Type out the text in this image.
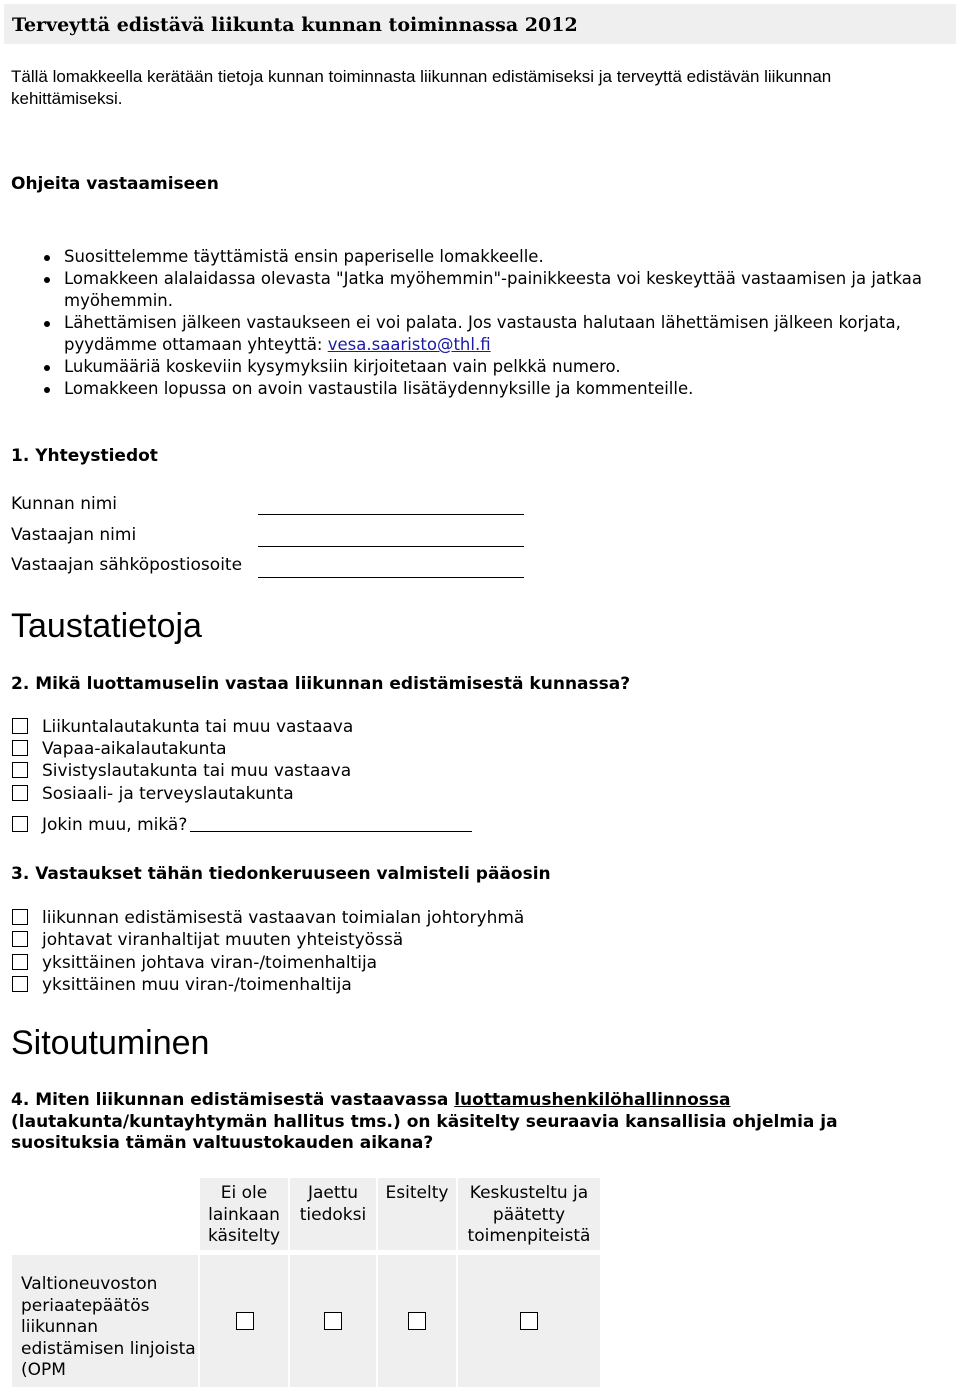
Terveyttä edistävä liikunta kunnan toiminnassa 2012
Tällä lomakkeella kerätään tietoja kunnan toiminnasta liikunnan edistämiseksi ja terveyttä edistävän liikunnan kehittämiseksi.
Ohjeita vastaamiseen
Suosittelemme täyttämistä ensin paperiselle lomakkeelle.
Lomakkeen alalaidassa olevasta "Jatka myöhemmin"-painikkeesta voi keskeyttää vastaamisen ja jatkaa myöhemmin.
Lähettämisen jälkeen vastaukseen ei voi palata. Jos vastausta halutaan lähettämisen jälkeen korjata, pyydämme ottamaan yhteyttä: vesa.saaristo@thl.fi
Lukumääriä koskeviin kysymyksiin kirjoitetaan vain pelkkä numero.
Lomakkeen lopussa on avoin vastaustila lisätäydennyksille ja kommenteille.
1. Yhteystiedot
Kunnan nimi
Vastaajan nimi
Vastaajan sähköpostiosoite
Taustatietoja
2. Mikä luottamuselin vastaa liikunnan edistämisestä kunnassa?
Liikuntalautakunta tai muu vastaava
Vapaa-aikalautakunta
Sivistyslautakunta tai muu vastaava
Sosiaali- ja terveyslautakunta
Jokin muu, mikä?
3. Vastaukset tähän tiedonkeruuseen valmisteli pääosin
liikunnan edistämisestä vastaavan toimialan johtoryhmä
johtavat viranhaltijat muuten yhteistyössä
yksittäinen johtava viran-/toimenhaltija
yksittäinen muu viran-/toimenhaltija
Sitoutuminen
4. Miten liikunnan edistämisestä vastaavassa luottamushenkilöhallinnossa (lautakunta/kuntayhtymän hallitus tms.) on käsitelty seuraavia kansallisia ohjelmia ja suosituksia tämän valtuustokauden aikana?
Ei ole lainkaan käsitelty
Jaettu tiedoksi
Esitelty	Keskusteltu ja päätetty toimenpiteistä
Valtioneuvoston periaatepäätös liikunnan edistämisen linjoista (OPM
